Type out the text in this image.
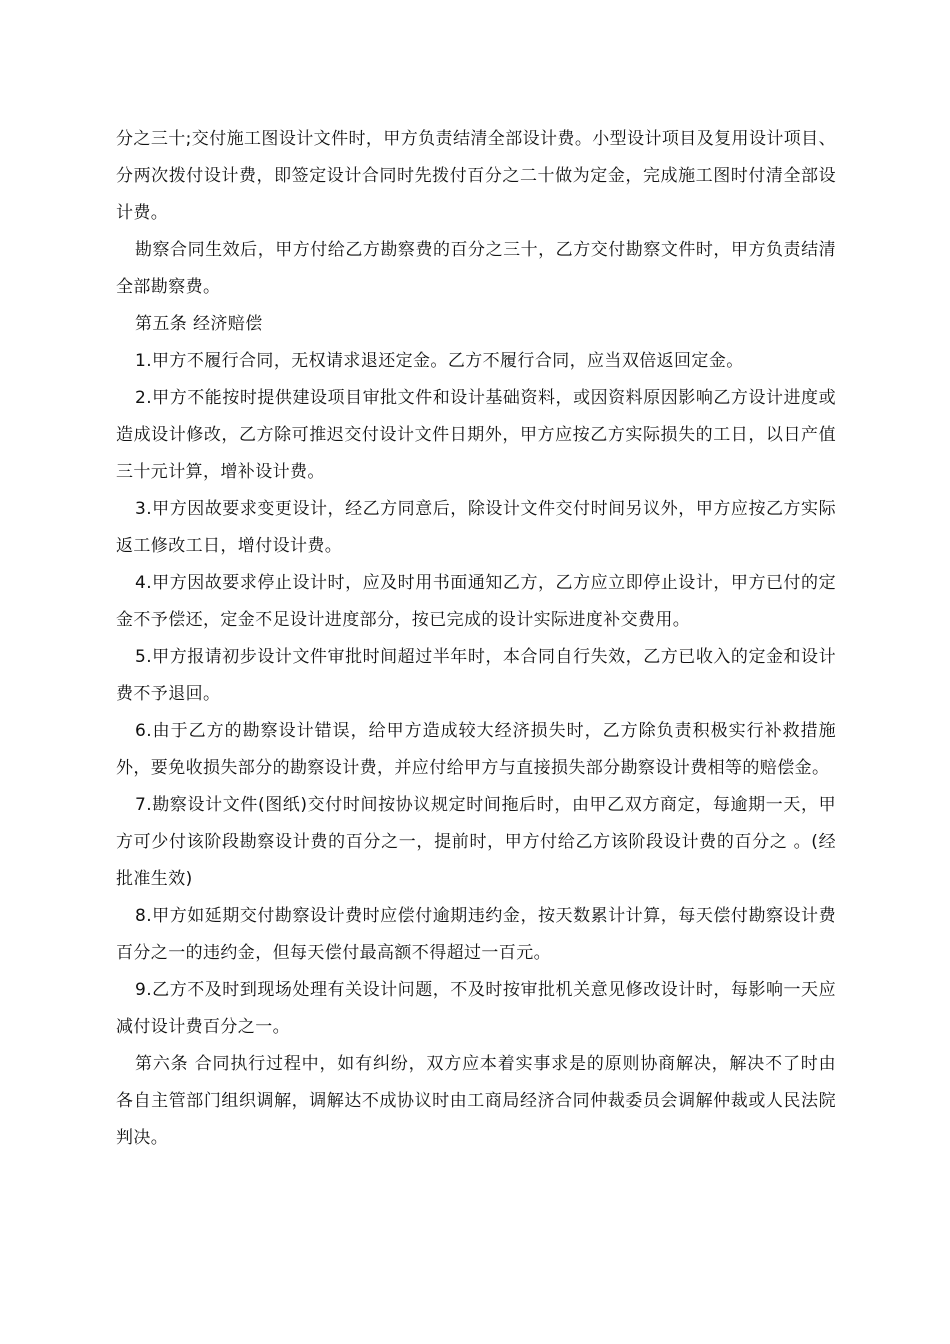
分之三十;交付施工图设计文件时，甲方负责结清全部设计费。小型设计项目及复用设计项目、分两次拨付设计费，即签定设计合同时先拨付百分之二十做为定金，完成施工图时付清全部设计费。

勘察合同生效后，甲方付给乙方勘察费的百分之三十，乙方交付勘察文件时，甲方负责结清全部勘察费。

第五条 经济赔偿

1.甲方不履行合同，无权请求退还定金。乙方不履行合同，应当双倍返回定金。

2.甲方不能按时提供建设项目审批文件和设计基础资料，或因资料原因影响乙方设计进度或造成设计修改，乙方除可推迟交付设计文件日期外，甲方应按乙方实际损失的工日，以日产值三十元计算，增补设计费。

3.甲方因故要求变更设计，经乙方同意后，除设计文件交付时间另议外，甲方应按乙方实际返工修改工日，增付设计费。

4.甲方因故要求停止设计时，应及时用书面通知乙方，乙方应立即停止设计，甲方已付的定金不予偿还，定金不足设计进度部分，按已完成的设计实际进度补交费用。

5.甲方报请初步设计文件审批时间超过半年时，本合同自行失效，乙方已收入的定金和设计费不予退回。

6.由于乙方的勘察设计错误，给甲方造成较大经济损失时，乙方除负责积极实行补救措施外，要免收损失部分的勘察设计费，并应付给甲方与直接损失部分勘察设计费相等的赔偿金。

7.勘察设计文件(图纸)交付时间按协议规定时间拖后时，由甲乙双方商定，每逾期一天，甲方可少付该阶段勘察设计费的百分之一，提前时，甲方付给乙方该阶段设计费的百分之 。(经批准生效)

8.甲方如延期交付勘察设计费时应偿付逾期违约金，按天数累计计算，每天偿付勘察设计费百分之一的违约金，但每天偿付最高额不得超过一百元。

9.乙方不及时到现场处理有关设计问题，不及时按审批机关意见修改设计时，每影响一天应减付设计费百分之一。

第六条 合同执行过程中，如有纠纷，双方应本着实事求是的原则协商解决，解决不了时由各自主管部门组织调解，调解达不成协议时由工商局经济合同仲裁委员会调解仲裁或人民法院判决。
